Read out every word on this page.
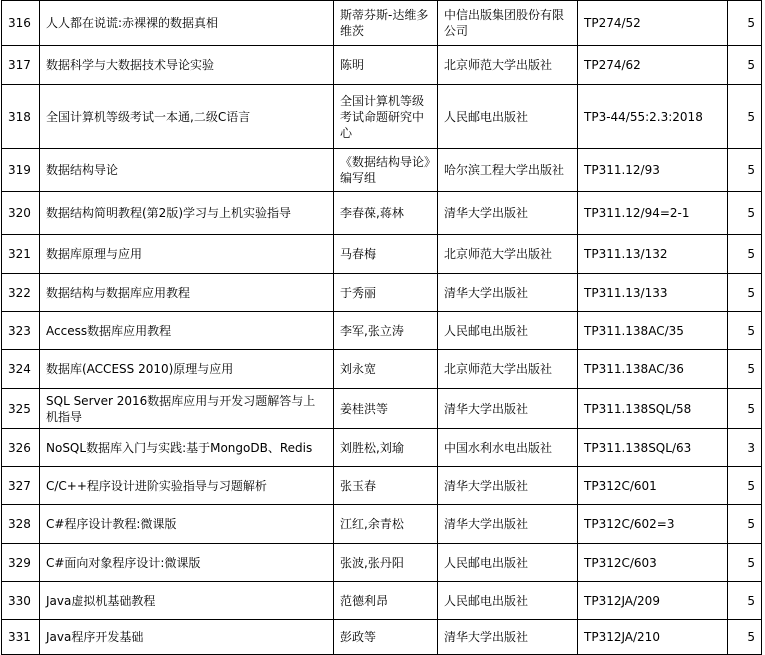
316	人人都在说谎:赤裸裸的数据真相	斯蒂芬斯-达维多维茨	中信出版集团股份有限公司	TP274/52	5
317	数据科学与大数据技术导论实验	陈明	北京师范大学出版社	TP274/62	5
318	全国计算机等级考试一本通,二级C语言	全国计算机等级考试命题研究中心	人民邮电出版社	TP3-44/55:2.3:2018	5
319	数据结构导论	《数据结构导论》编写组	哈尔滨工程大学出版社	TP311.12/93	5
320	数据结构简明教程(第2版)学习与上机实验指导	李春葆,蒋林	清华大学出版社	TP311.12/94=2-1	5
321	数据库原理与应用	马春梅	北京师范大学出版社	TP311.13/132	5
322	数据结构与数据库应用教程	于秀丽	清华大学出版社	TP311.13/133	5
323	Access数据库应用教程	李军,张立涛	人民邮电出版社	TP311.138AC/35	5
324	数据库(ACCESS 2010)原理与应用	刘永宽	北京师范大学出版社	TP311.138AC/36	5
325	SQL Server 2016数据库应用与开发习题解答与上机指导	姜桂洪等	清华大学出版社	TP311.138SQL/58	5
326	NoSQL数据库入门与实践:基于MongoDB、Redis	刘胜松,刘瑜	中国水利水电出版社	TP311.138SQL/63	3
327	C/C++程序设计进阶实验指导与习题解析	张玉春	清华大学出版社	TP312C/601	5
328	C#程序设计教程:微课版	江红,余青松	清华大学出版社	TP312C/602=3	5
329	C#面向对象程序设计:微课版	张波,张丹阳	人民邮电出版社	TP312C/603	5
330	Java虚拟机基础教程	范德利昂	人民邮电出版社	TP312JA/209	5
331	Java程序开发基础	彭政等	清华大学出版社	TP312JA/210	5
